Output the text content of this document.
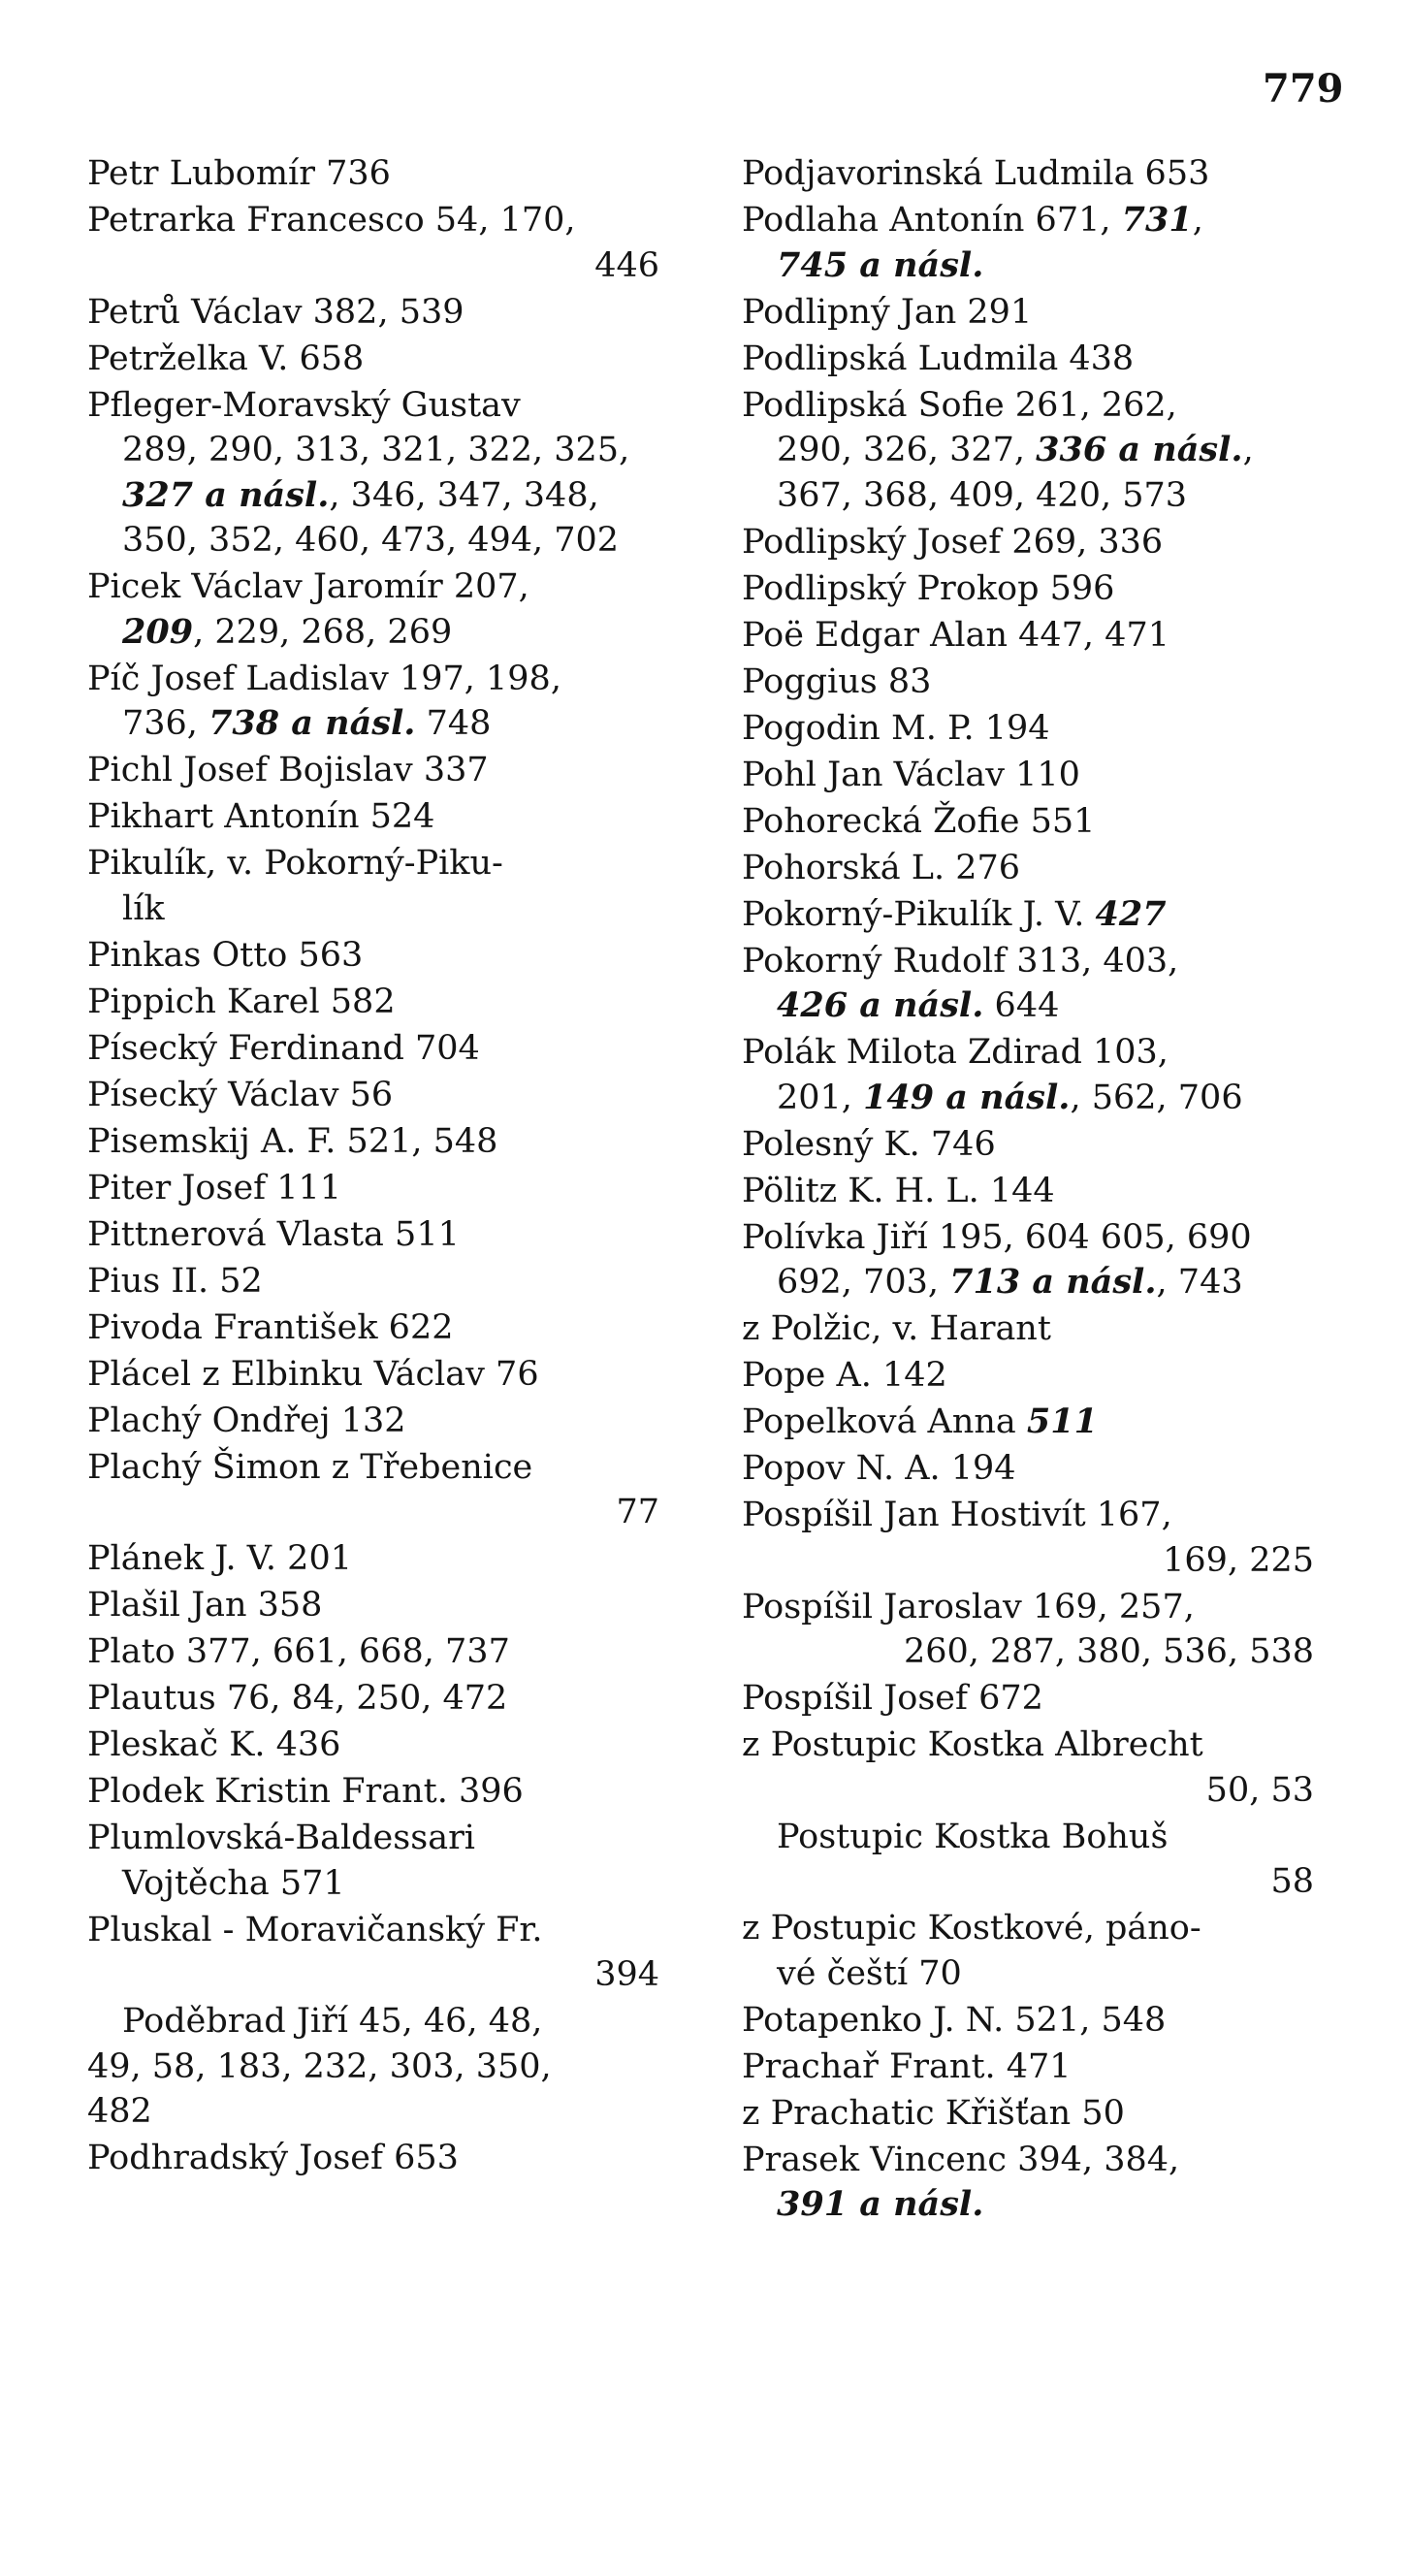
779
Petr Lubomír 736
Petrarka Francesco 54, 170,
446
Petrů Václav 382, 539
Petrželka V. 658
Pfleger-Moravský Gustav
289, 290, 313, 321, 322, 325,
327 a násl., 346, 347, 348,
350, 352, 460, 473, 494, 702
Picek Václav Jaromír 207,
209, 229, 268, 269
Píč Josef Ladislav 197, 198,
736, 738 a násl. 748
Pichl Josef Bojislav 337
Pikhart Antonín 524
Pikulík, v. Pokorný-Piku-
lík
Pinkas Otto 563
Pippich Karel 582
Písecký Ferdinand 704
Písecký Václav 56
Pisemskij A. F. 521, 548
Piter Josef 111
Pittnerová Vlasta 511
Pius II. 52
Pivoda František 622
Plácel z Elbinku Václav 76
Plachý Ondřej 132
Plachý Šimon z Třebenice
77
Plánek J. V. 201
Plašil Jan 358
Plato 377, 661, 668, 737
Plautus 76, 84, 250, 472
Pleskač K. 436
Plodek Kristin Frant. 396
Plumlovská-Baldessari
Vojtěcha 571
Pluskal - Moravičanský Fr.
394
Poděbrad Jiří 45, 46, 48,
49, 58, 183, 232, 303, 350,
482
Podhradský Josef 653
Podjavorinská Ludmila 653
Podlaha Antonín 671, 731,
745 a násl.
Podlipný Jan 291
Podlipská Ludmila 438
Podlipská Sofie 261, 262,
290, 326, 327, 336 a násl.,
367, 368, 409, 420, 573
Podlipský Josef 269, 336
Podlipský Prokop 596
Poë Edgar Alan 447, 471
Poggius 83
Pogodin M. P. 194
Pohl Jan Václav 110
Pohorecká Žofie 551
Pohorská L. 276
Pokorný-Pikulík J. V. 427
Pokorný Rudolf 313, 403,
426 a násl. 644
Polák Milota Zdirad 103,
201, 149 a násl., 562, 706
Polesný K. 746
Pölitz K. H. L. 144
Polívka Jiří 195, 604 605, 690
692, 703, 713 a násl., 743
z Polžic, v. Harant
Pope A. 142
Popelková Anna 511
Popov N. A. 194
Pospíšil Jan Hostivít 167,
169, 225
Pospíšil Jaroslav 169, 257,
260, 287, 380, 536, 538
Pospíšil Josef 672
z Postupic Kostka Albrecht
50, 53
Postupic Kostka Bohuš
58
z Postupic Kostkové, páno-
vé čeští 70
Potapenko J. N. 521, 548
Prachař Frant. 471
z Prachatic Křišťan 50
Prasek Vincenc 394, 384,
391 a násl.
